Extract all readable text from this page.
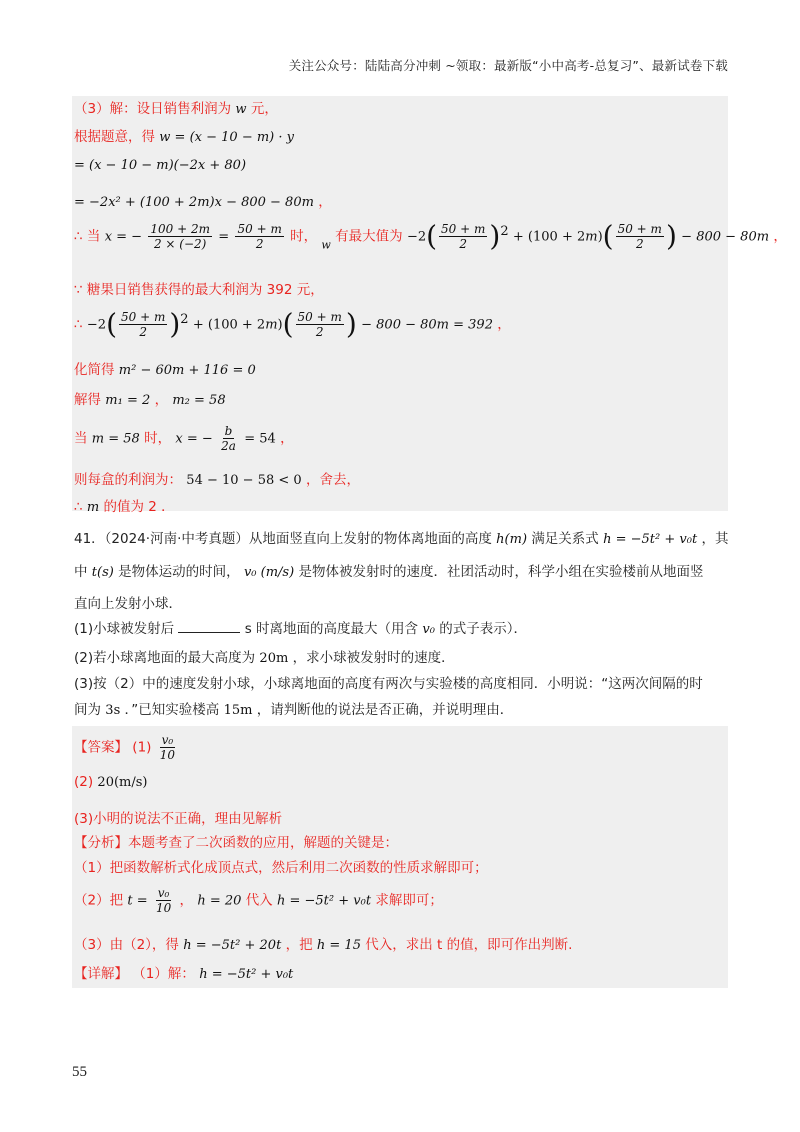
关注公众号：陆陆高分冲刺 ~领取：最新版“小中高考-总复习”、最新试卷下载
（3）解：设日销售利润为 w 元，
根据题意，得 w = (x − 10 − m) · y
= (x − 10 − m)(−2x + 80)
= −2x² + (100 + 2m)x − 800 − 80m ，
∴ 当 x = − $\frac{100 + 2m}{2 \times (-2)} = \frac{50 + m}{2}$ 时， $_w$ 有最大值为 $-2( \frac{50 + m}{2} )^2 + (100 + 2m)( \frac{50 + m}{2}$ ) − 800 − 80m ，
∵ 糖果日销售获得的最大利润为 392 元，
∴ $-2( \frac{50 + m}{2} )^2 + (100 + 2m)( \frac{50 + m}{2}$ ) − 800 − 80m = 392 ，
化简得 m² − 60m + 116 = 0
解得 m₁ = 2 ， m₂ = 58
当 m = 58 时， x = − $\frac{b}{2a} = 54$ ，
则每盒的利润为： 54 − 10 − 58 < 0 ，舍去，
∴ m 的值为 2 ．
41．（2024·河南·中考真题）从地面竖直向上发射的物体离地面的高度 h(m) 满足关系式 h = −5t² + v₀t ，其
中 t(s) 是物体运动的时间， v₀ (m/s) 是物体被发射时的速度．社团活动时，科学小组在实验楼前从地面竖
直向上发射小球．
(1)小球被发射后	s 时离地面的高度最大（用含 v₀ 的式子表示）．
(2)若小球离地面的最大高度为 20m ，求小球被发射时的速度．
(3)按（2）中的速度发射小球，小球离地面的高度有两次与实验楼的高度相同．小明说：“这两次间隔的时
间为 3s ．”已知实验楼高 15m ，请判断他的说法是否正确，并说明理由．
【答案】 $(1) \frac{\text{v₀}}{10}$
(2) 20(m/s)
(3)小明的说法不正确，理由见解析
【分析】本题考查了二次函数的应用，解题的关键是：
（1）把函数解析式化成顶点式，然后利用二次函数的性质求解即可；
（2）把 $t = \frac{\text{v₀}}{10}$ ， h = 20 代入 h = −5t² + v₀t 求解即可；
（3）由（2），得 h = −5t² + 20t ，把 h = 15 代入，求出 t 的值，即可作出判断.
【详解】 （1）解： h = −5t² + v₀t
55
